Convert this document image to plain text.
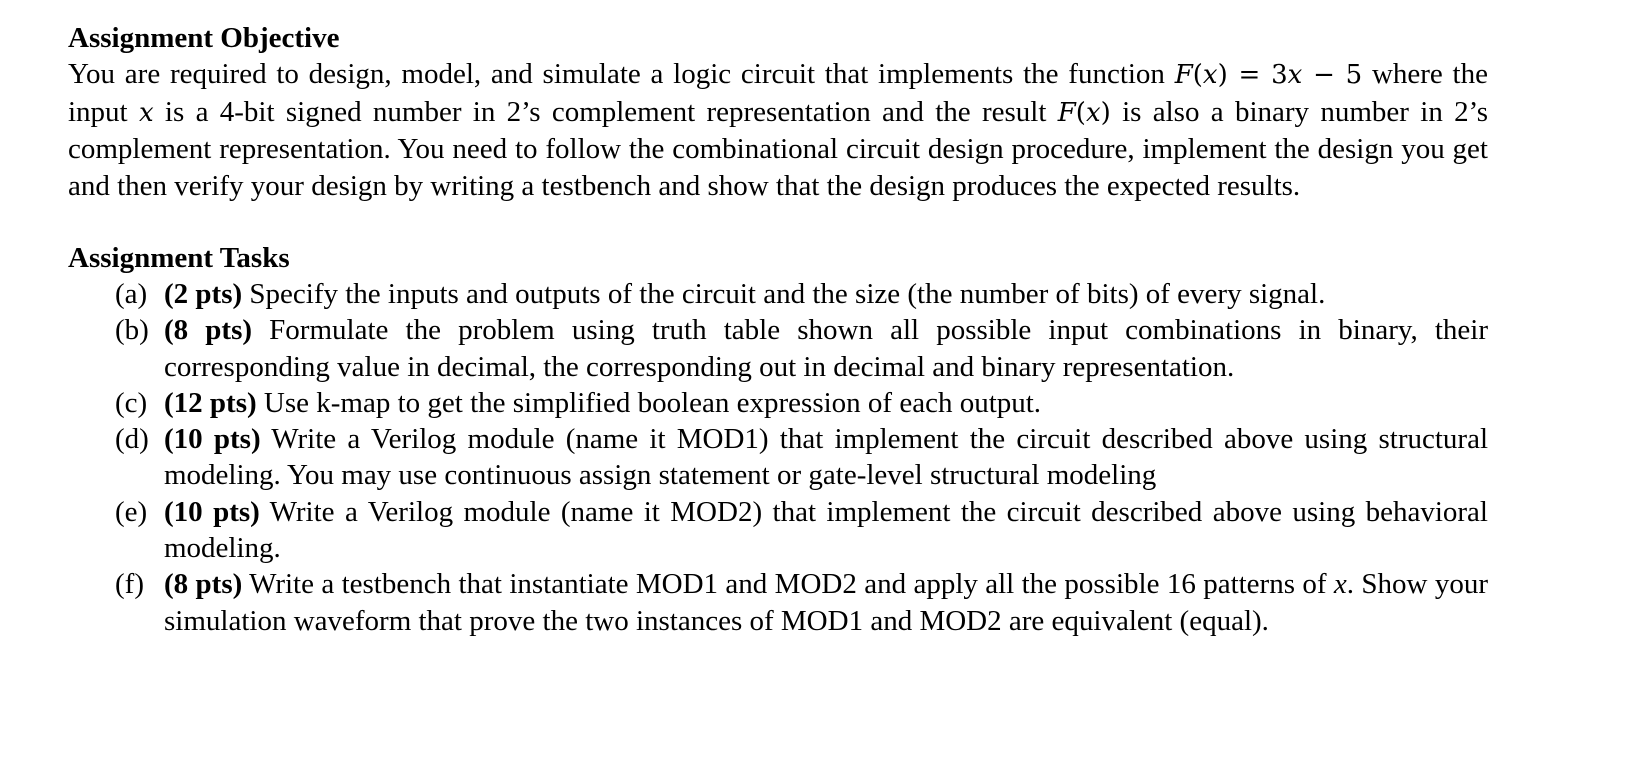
Assignment Objective

You are required to design, model, and simulate a logic circuit that implements the function F(x) = 3x − 5 where the input x is a 4-bit signed number in 2’s complement representation and the result F(x) is also a binary number in 2’s complement representation. You need to follow the combinational circuit design procedure, implement the design you get and then verify your design by writing a testbench and show that the design produces the expected results.

Assignment Tasks
(a) (2 pts) Specify the inputs and outputs of the circuit and the size (the number of bits) of every signal.
(b) (8 pts) Formulate the problem using truth table shown all possible input combinations in binary, their corresponding value in decimal, the corresponding out in decimal and binary representation.
(c) (12 pts) Use k-map to get the simplified boolean expression of each output.
(d) (10 pts) Write a Verilog module (name it MOD1) that implement the circuit described above using structural modeling. You may use continuous assign statement or gate-level structural modeling
(e) (10 pts) Write a Verilog module (name it MOD2) that implement the circuit described above using behavioral modeling.
(f) (8 pts) Write a testbench that instantiate MOD1 and MOD2 and apply all the possible 16 patterns of x. Show your simulation waveform that prove the two instances of MOD1 and MOD2 are equivalent (equal).
